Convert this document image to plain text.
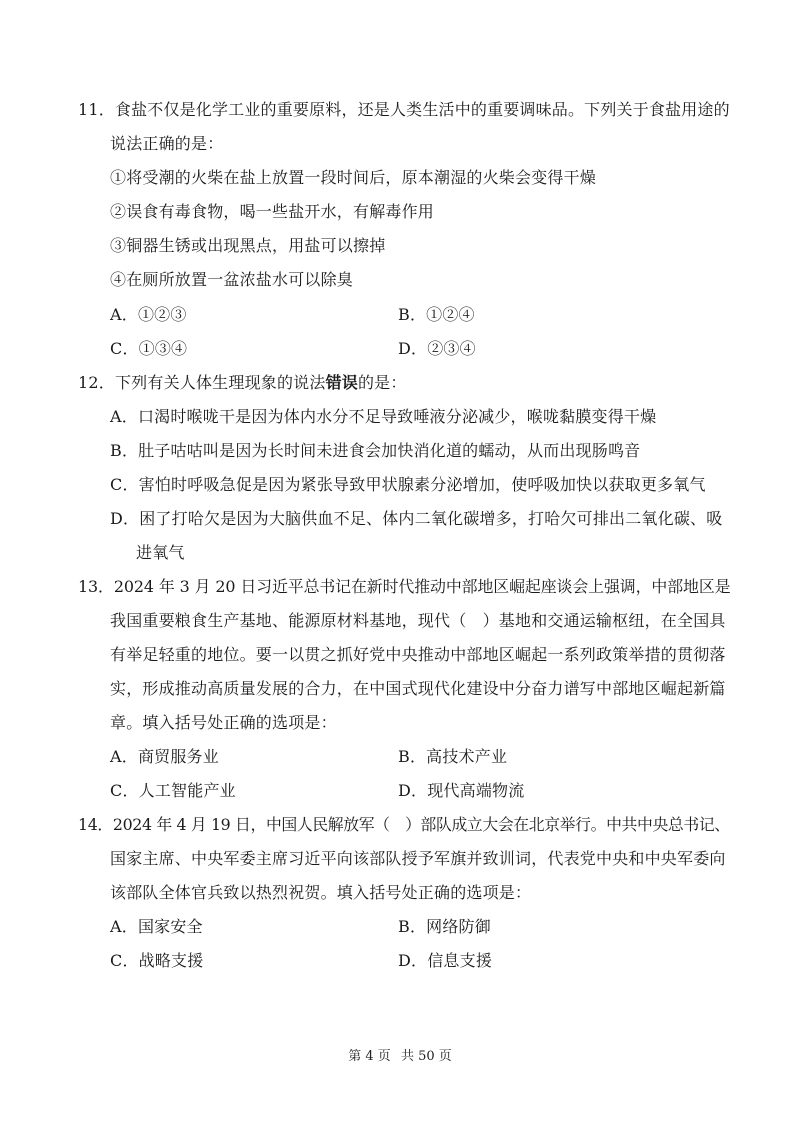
11．食盐不仅是化学工业的重要原料，还是人类生活中的重要调味品。下列关于食盐用途的
说法正确的是：
①将受潮的火柴在盐上放置一段时间后，原本潮湿的火柴会变得干燥
②误食有毒食物，喝一些盐开水，有解毒作用
③铜器生锈或出现黑点，用盐可以擦掉
④在厕所放置一盆浓盐水可以除臭
A．①②③	B．①②④
C．①③④	D．②③④
12．下列有关人体生理现象的说法错误的是：
A．口渴时喉咙干是因为体内水分不足导致唾液分泌减少，喉咙黏膜变得干燥
B．肚子咕咕叫是因为长时间未进食会加快消化道的蠕动，从而出现肠鸣音
C．害怕时呼吸急促是因为紧张导致甲状腺素分泌增加，使呼吸加快以获取更多氧气
D．困了打哈欠是因为大脑供血不足、体内二氧化碳增多，打哈欠可排出二氧化碳、吸
进氧气
13．2024 年 3 月 20 日习近平总书记在新时代推动中部地区崛起座谈会上强调，中部地区是
我国重要粮食生产基地、能源原材料基地，现代（　）基地和交通运输枢纽，在全国具
有举足轻重的地位。要一以贯之抓好党中央推动中部地区崛起一系列政策举措的贯彻落
实，形成推动高质量发展的合力，在中国式现代化建设中分奋力谱写中部地区崛起新篇
章。填入括号处正确的选项是：
A．商贸服务业	B．高技术产业
C．人工智能产业	D．现代高端物流
14．2024 年 4 月 19 日，中国人民解放军（　）部队成立大会在北京举行。中共中央总书记、
国家主席、中央军委主席习近平向该部队授予军旗并致训词，代表党中央和中央军委向
该部队全体官兵致以热烈祝贺。填入括号处正确的选项是：
A．国家安全	B．网络防御
C．战略支援	D．信息支援
第 4 页 共 50 页
